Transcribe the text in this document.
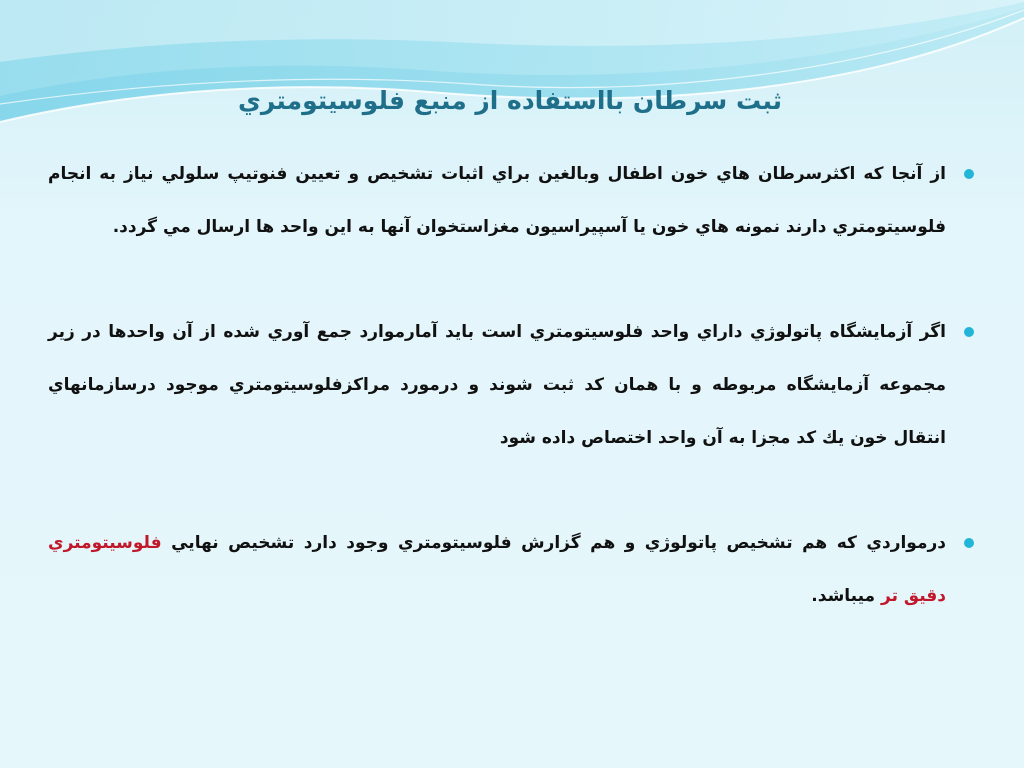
ثبت سرطان بااستفاده از منبع فلوسيتومتري
از آنجا كه اكثرسرطان هاي خون اطفال وبالغين براي اثبات تشخيص و تعيين فنوتيپ سلولي نياز به انجام فلوسيتومتري دارند نمونه هاي خون يا آسپيراسيون مغزاستخوان آنها به اين واحد ها ارسال مي گردد.
اگر آزمايشگاه پاتولوژي داراي واحد فلوسيتومتري است بايد آمارموارد جمع آوري شده از آن واحدها در زير مجموعه آزمايشگاه مربوطه و با همان كد ثبت شوند و درمورد مراكزفلوسيتومتري موجود درسازمانهاي انتقال خون يك كد مجزا به آن واحد اختصاص داده شود
درمواردي كه هم تشخيص پاتولوژي و هم گزارش فلوسيتومتري وجود دارد تشخيص نهايي فلوسيتومتري دقيق تر ميباشد.
